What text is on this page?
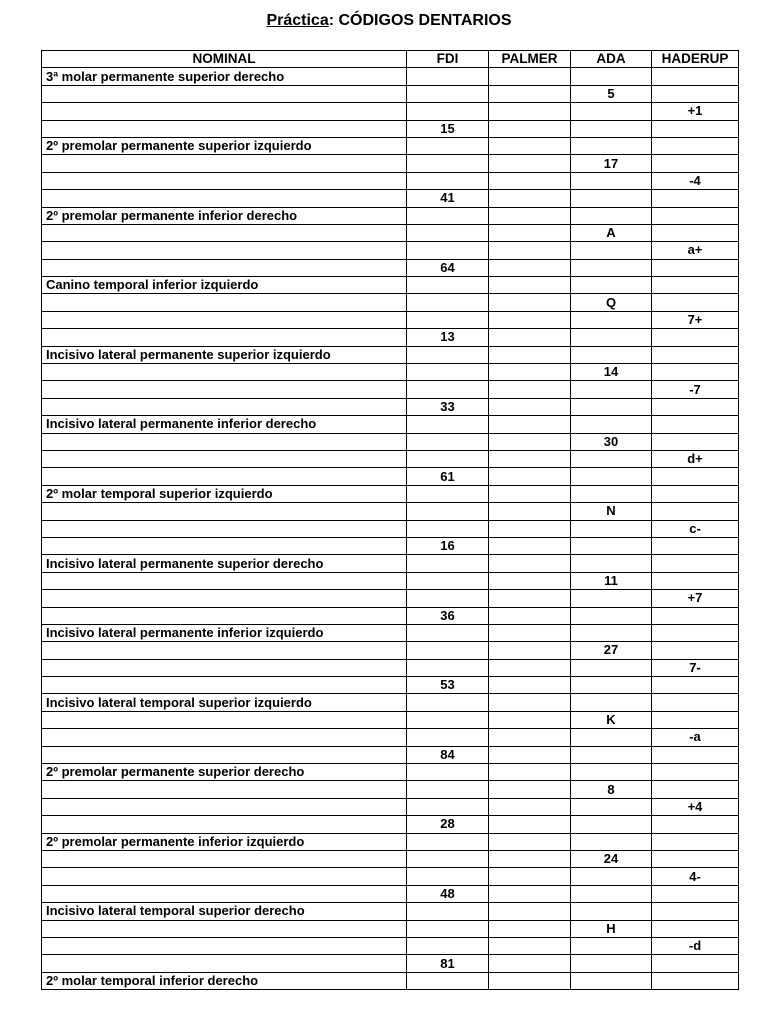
Práctica: CÓDIGOS DENTARIOS
NOMINAL	FDI	PALMER	ADA	HADERUP
3ª molar permanente superior derecho				
			5	
				+1
	15			
2º premolar permanente superior izquierdo				
			17	
				-4
	41			
2º premolar permanente inferior derecho				
			A	
				a+
	64			
Canino temporal inferior izquierdo				
			Q	
				7+
	13			
Incisivo lateral permanente superior izquierdo				
			14	
				-7
	33			
Incisivo lateral permanente inferior derecho				
			30	
				d+
	61			
2º molar temporal superior izquierdo				
			N	
				c-
	16			
Incisivo lateral permanente superior derecho				
			11	
				+7
	36			
Incisivo lateral permanente inferior izquierdo				
			27	
				7-
	53			
Incisivo lateral temporal superior izquierdo				
			K	
				-a
	84			
2º premolar permanente superior derecho				
			8	
				+4
	28			
2º premolar permanente inferior izquierdo				
			24	
				4-
	48			
Incisivo lateral temporal superior derecho				
			H	
				-d
	81			
2º molar temporal inferior derecho				
